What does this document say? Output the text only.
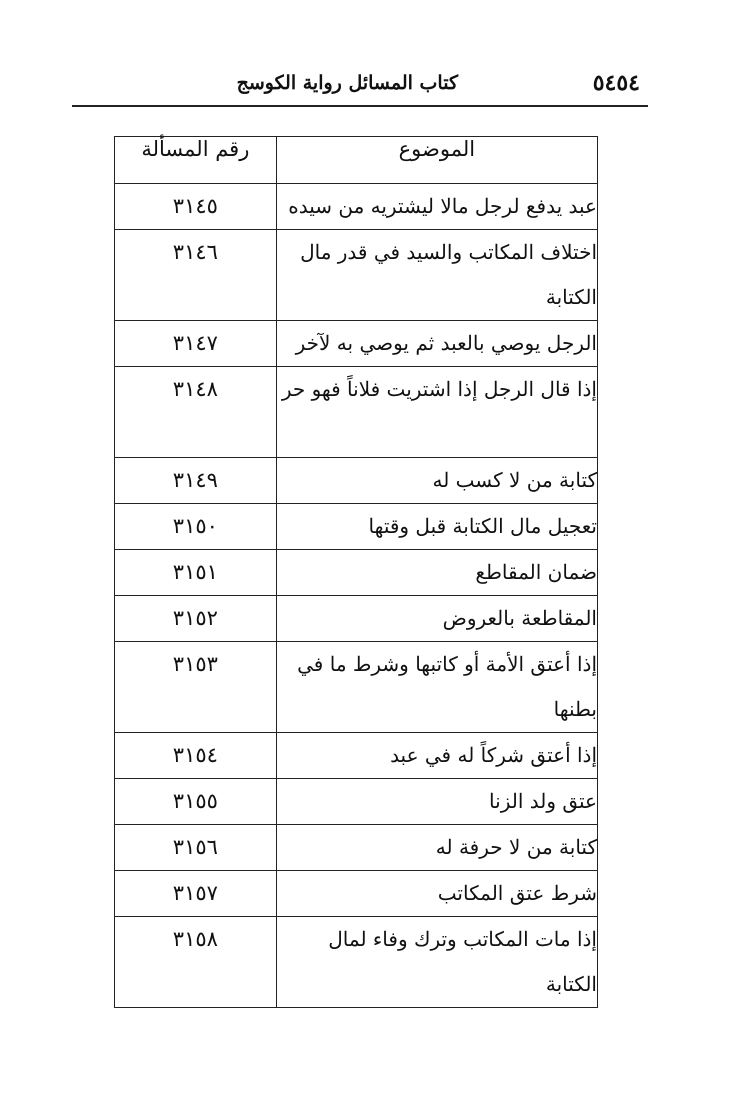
٥٤٥٤
كتاب المسائل رواية الكوسج
الموضوع	رقم المسألة
عبد يدفع لرجل مالا ليشتريه من سيده	٣١٤٥
اختلاف المكاتب والسيد في قدر مال الكتابة	٣١٤٦
الرجل يوصي بالعبد ثم يوصي به لآخر	٣١٤٧
إذا قال الرجل إذا اشتريت فلاناً فهو حر	٣١٤٨
كتابة من لا كسب له	٣١٤٩
تعجيل مال الكتابة قبل وقتها	٣١٥٠
ضمان المقاطع	٣١٥١
المقاطعة بالعروض	٣١٥٢
إذا أعتق الأمة أو كاتبها وشرط ما في بطنها	٣١٥٣
إذا أعتق شركاً له في عبد	٣١٥٤
عتق ولد الزنا	٣١٥٥
كتابة من لا حرفة له	٣١٥٦
شرط عتق المكاتب	٣١٥٧
إذا مات المكاتب وترك وفاء لمال الكتابة	٣١٥٨
